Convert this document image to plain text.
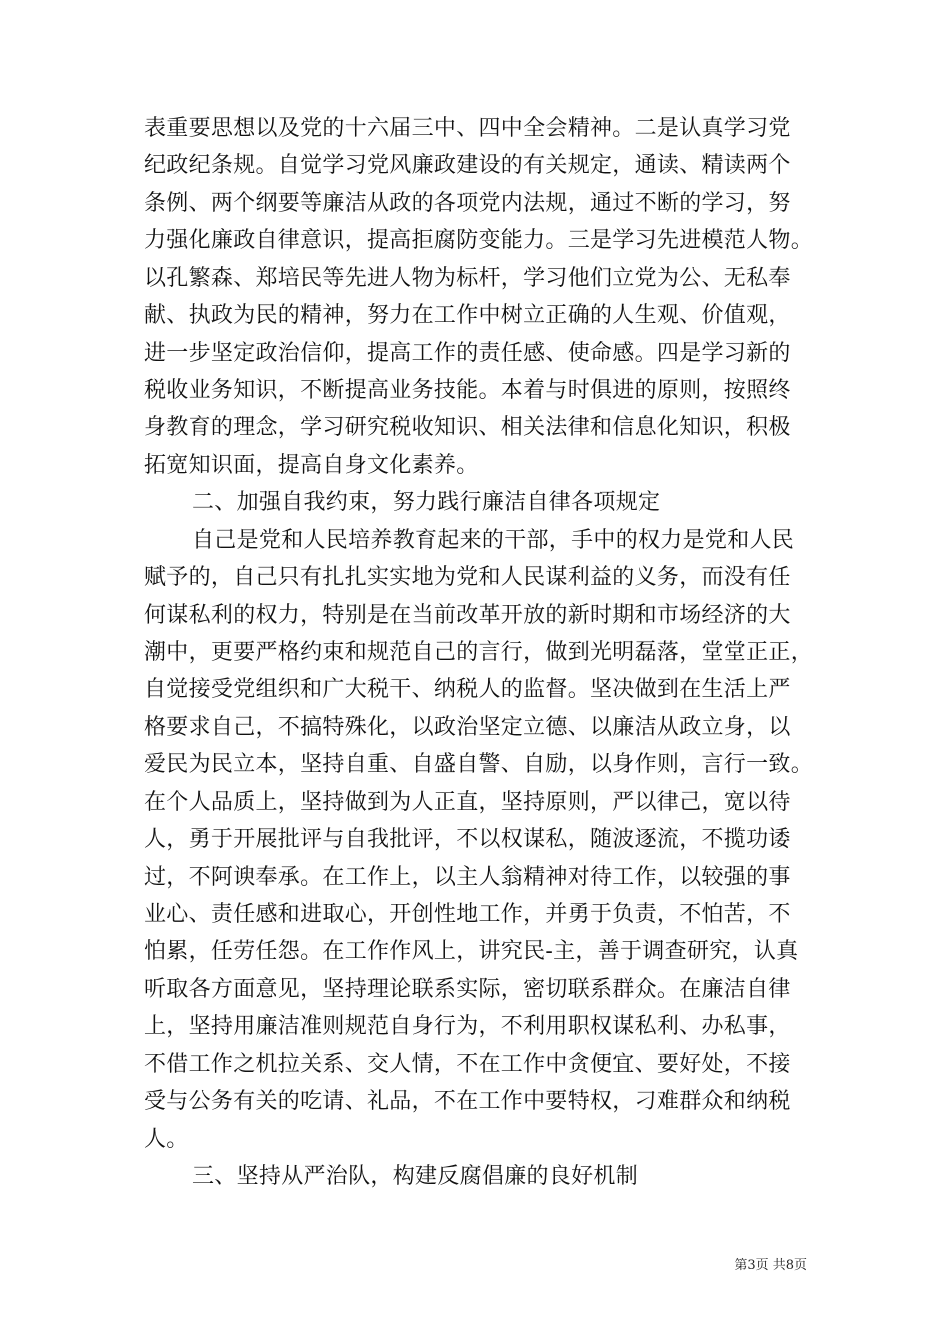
表重要思想以及党的十六届三中、四中全会精神。二是认真学习党
纪政纪条规。自觉学习党风廉政建设的有关规定，通读、精读两个
条例、两个纲要等廉洁从政的各项党内法规，通过不断的学习，努
力强化廉政自律意识，提高拒腐防变能力。三是学习先进模范人物。
以孔繁森、郑培民等先进人物为标杆，学习他们立党为公、无私奉
献、执政为民的精神，努力在工作中树立正确的人生观、价值观，
进一步坚定政治信仰，提高工作的责任感、使命感。四是学习新的
税收业务知识，不断提高业务技能。本着与时俱进的原则，按照终
身教育的理念，学习研究税收知识、相关法律和信息化知识，积极
拓宽知识面，提高自身文化素养。
二、加强自我约束，努力践行廉洁自律各项规定
自己是党和人民培养教育起来的干部，手中的权力是党和人民
赋予的，自己只有扎扎实实地为党和人民谋利益的义务，而没有任
何谋私利的权力，特别是在当前改革开放的新时期和市场经济的大
潮中，更要严格约束和规范自己的言行，做到光明磊落，堂堂正正，
自觉接受党组织和广大税干、纳税人的监督。坚决做到在生活上严
格要求自己，不搞特殊化，以政治坚定立德、以廉洁从政立身，以
爱民为民立本，坚持自重、自盛自警、自励，以身作则，言行一致。
在个人品质上，坚持做到为人正直，坚持原则，严以律己，宽以待
人，勇于开展批评与自我批评，不以权谋私，随波逐流，不揽功诿
过，不阿谀奉承。在工作上，以主人翁精神对待工作，以较强的事
业心、责任感和进取心，开创性地工作，并勇于负责，不怕苦，不
怕累，任劳任怨。在工作作风上，讲究民-主，善于调查研究，认真
听取各方面意见，坚持理论联系实际，密切联系群众。在廉洁自律
上，坚持用廉洁准则规范自身行为，不利用职权谋私利、办私事，
不借工作之机拉关系、交人情，不在工作中贪便宜、要好处，不接
受与公务有关的吃请、礼品，不在工作中要特权，刁难群众和纳税
人。
三、坚持从严治队，构建反腐倡廉的良好机制
第3页 共8页
